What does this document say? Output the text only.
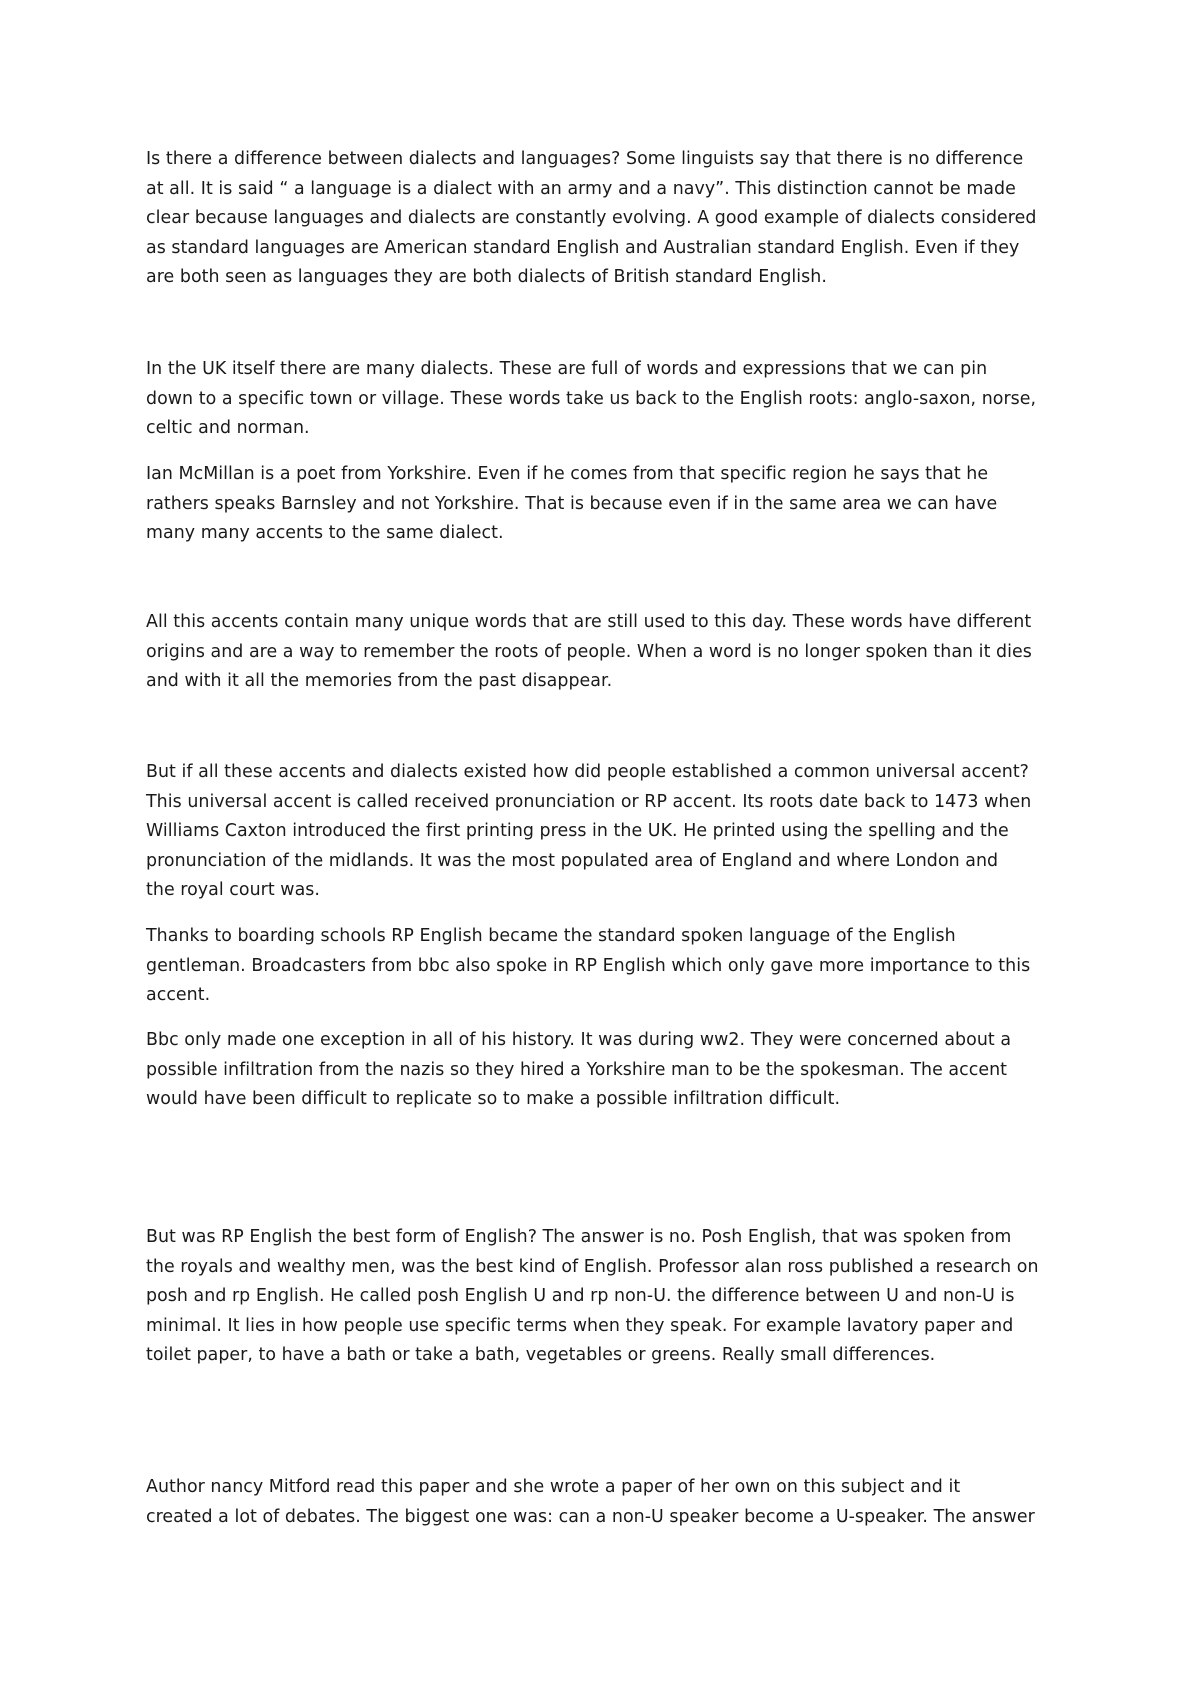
Is there a difference between dialects and languages? Some linguists say that there is no difference
at all. It is said “ a language is a dialect with an army and a navy”. This distinction cannot be made
clear because languages and dialects are constantly evolving. A good example of dialects considered
as standard languages are American standard English and Australian standard English. Even if they
are both seen as languages they are both dialects of British standard English.

In the UK itself there are many dialects. These are full of words and expressions that we can pin
down to a specific town or village. These words take us back to the English roots: anglo-saxon, norse,
celtic and norman.

Ian McMillan is a poet from Yorkshire. Even if he comes from that specific region he says that he
rathers speaks Barnsley and not Yorkshire. That is because even if in the same area we can have
many many accents to the same dialect.

All this accents contain many unique words that are still used to this day. These words have different
origins and are a way to remember the roots of people. When a word is no longer spoken than it dies
and with it all the memories from the past disappear.

But if all these accents and dialects existed how did people established a common universal accent?
This universal accent is called received pronunciation or RP accent. Its roots date back to 1473 when
Williams Caxton introduced the first printing press in the UK. He printed using the spelling and the
pronunciation of the midlands. It was the most populated area of England and where London and
the royal court was.

Thanks to boarding schools RP English became the standard spoken language of the English
gentleman. Broadcasters from bbc also spoke in RP English which only gave more importance to this
accent.

Bbc only made one exception in all of his history. It was during ww2. They were concerned about a
possible infiltration from the nazis so they hired a Yorkshire man to be the spokesman. The accent
would have been difficult to replicate so to make a possible infiltration difficult.

But was RP English the best form of English? The answer is no. Posh English, that was spoken from
the royals and wealthy men, was the best kind of English. Professor alan ross published a research on
posh and rp English. He called posh English U and rp non-U. the difference between U and non-U is
minimal. It lies in how people use specific terms when they speak. For example lavatory paper and
toilet paper, to have a bath or take a bath, vegetables or greens. Really small differences.

Author nancy Mitford read this paper and she wrote a paper of her own on this subject and it
created a lot of debates. The biggest one was: can a non-U speaker become a U-speaker. The answer
